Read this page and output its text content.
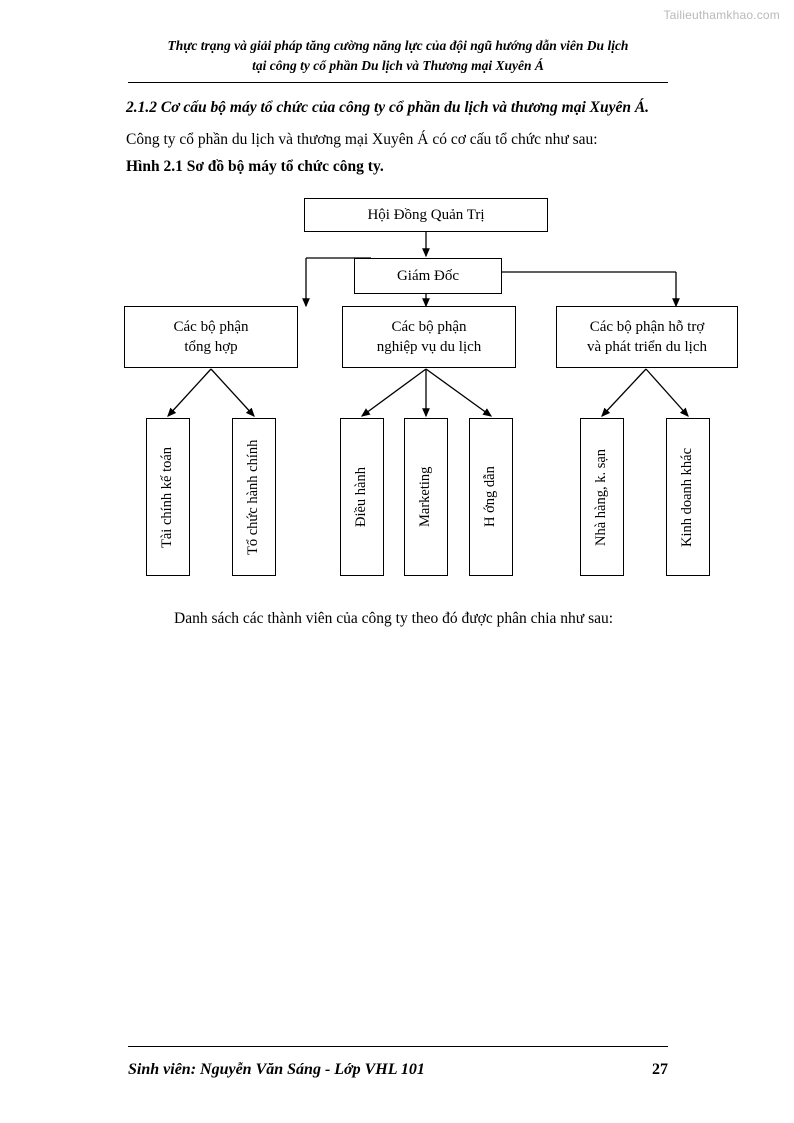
Tailieuthamkhao.com
Thực trạng và giải pháp tăng cường năng lực của đội ngũ hướng dẫn viên Du lịch
tại công ty cổ phần Du lịch và Thương mại Xuyên Á
2.1.2 Cơ cấu bộ máy tổ chức của công ty cổ phần du lịch và thương mại Xuyên Á.
Công ty cổ phần du lịch và thương mại Xuyên Á có cơ cấu tổ chức như sau:
Hình 2.1 Sơ đồ bộ máy tổ chức công ty.
Hội Đồng Quản Trị
Giám Đốc
Các bộ phận
tổng hợp
Các bộ phận
nghiệp vụ du lịch
Các bộ phận hỗ trợ
và phát triển du lịch
Tài chính kế toán	Tổ chức hành chính	Điều hành	Marketing	H ớng dẫn	Nhà hàng, k. sạn	Kinh doanh khác
Danh sách các thành viên của công ty theo đó được phân chia như sau:
Sinh viên: Nguyễn Văn Sáng - Lớp VHL 101	27
